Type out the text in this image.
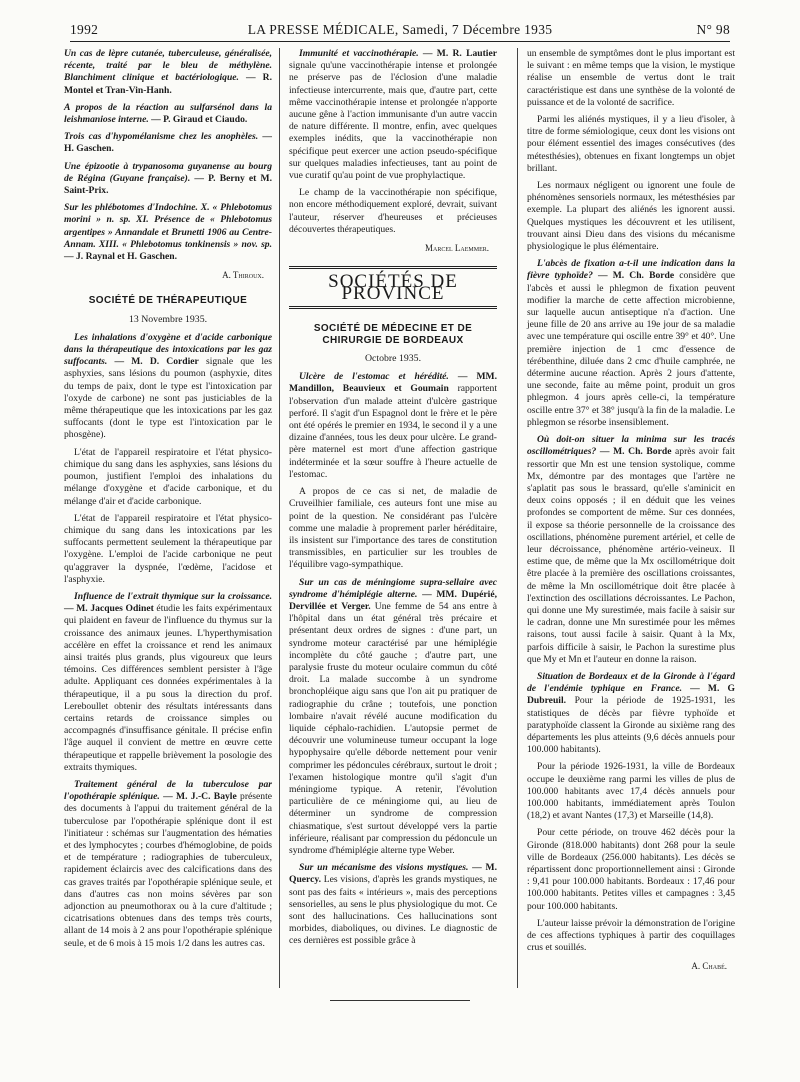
1992	LA PRESSE MÉDICALE, Samedi, 7 Décembre 1935	N° 98

Un cas de lèpre cutanée, tuberculeuse, généralisée, récente, traité par le bleu de méthylène. Blanchiment clinique et bactériologique. — R. Montel et Tran-Vin-Hanh.

A propos de la réaction au sulfarsénol dans la leishmaniose interne. — P. Giraud et Ciaudo.

Trois cas d'hypomélanisme chez les anophèles. — H. Gaschen.

Une épizootie à trypanosoma guyanense au bourg de Régina (Guyane française). — P. Berny et M. Saint-Prix.

Sur les phlébotomes d'Indochine. X. « Phlebotomus morini » n. sp. XI. Présence de « Phlebotomus argentipes » Annandale et Brunetti 1906 au Centre-Annam. XIII. « Phlebotomus tonkinensis » nov. sp. — J. Raynal et H. Gaschen.

A. Thiroux.

SOCIÉTÉ DE THÉRAPEUTIQUE
13 Novembre 1935.

Les inhalations d'oxygène et d'acide carbonique dans la thérapeutique des intoxications par les gaz suffocants. — M. D. Cordier signale que les asphyxies, sans lésions du poumon (asphyxie, dites du temps de paix, dont le type est l'intoxication par l'oxyde de carbone) ne sont pas justiciables de la même thérapeutique que les intoxications par les gaz suffocants (dont le type est l'intoxication par le phosgène).

L'état de l'appareil respiratoire et l'état physico-chimique du sang dans les asphyxies, sans lésions du poumon, justifient l'emploi des inhalations du mélange d'oxygène et d'acide carbonique, et du mélange d'air et d'acide carbonique.

L'état de l'appareil respiratoire et l'état physico-chimique du sang dans les intoxications par les suffocants permettent seulement la thérapeutique par l'oxygène. L'emploi de l'acide carbonique ne peut qu'aggraver la dyspnée, l'œdème, l'acidose et l'asphyxie.

Influence de l'extrait thymique sur la croissance. — M. Jacques Odinet étudie les faits expérimentaux qui plaident en faveur de l'influence du thymus sur la croissance des animaux jeunes. L'hyperthymisation accélère en effet la croissance et rend les animaux ainsi traités plus grands, plus vigoureux que leurs témoins. Ces différences semblent persister à l'âge adulte. Appliquant ces données expérimentales à la thérapeutique, il a pu sous la direction du prof. Lereboullet obtenir des résultats intéressants dans certains retards de croissance simples ou accompagnés d'insuffisance génitale. Il précise enfin l'âge auquel il convient de mettre en œuvre cette thérapeutique et rappelle brièvement la posologie des extraits thymiques.

Traitement général de la tuberculose par l'opothérapie splénique. — M. J.-C. Bayle présente des documents à l'appui du traitement général de la tuberculose par l'opothérapie splénique dont il est l'initiateur : schémas sur l'augmentation des hématies et des lymphocytes ; courbes d'hémoglobine, de poids et de température ; radiographies de tuberculeux, rapidement éclaircis avec des calcifications dans des cas graves traités par l'opothérapie splénique seule, et dans d'autres cas non moins sévères par son adjonction au pneumothorax ou à la cure d'altitude ; cicatrisations obtenues dans des temps très courts, allant de 14 mois à 2 ans pour l'opothérapie splénique seule, et de 6 mois à 15 mois 1/2 dans les autres cas.

Immunité et vaccinothérapie. — M. R. Lautier signale qu'une vaccinothérapie intense et prolongée ne préserve pas de l'éclosion d'une maladie infectieuse intercurrente, mais que, d'autre part, cette même vaccinothérapie intense et prolongée n'apporte aucune gêne à l'action immunisante d'un autre vaccin de nature différente. Il montre, enfin, avec quelques exemples inédits, que la vaccinothérapie non spécifique peut exercer une action pseudo-spécifique sur quelques maladies infectieuses, tant au point de vue curatif qu'au point de vue prophylactique.

Le champ de la vaccinothérapie non spécifique, non encore méthodiquement exploré, devrait, suivant l'auteur, réserver d'heureuses et précieuses découvertes thérapeutiques.

Marcel Laemmer.

SOCIÉTÉS DE PROVINCE
SOCIÉTÉ DE MÉDECINE ET DE CHIRURGIE DE BORDEAUX
Octobre 1935.

Ulcère de l'estomac et hérédité. — MM. Mandillon, Beauvieux et Goumain rapportent l'observation d'un malade atteint d'ulcère gastrique perforé. Il s'agit d'un Espagnol dont le frère et le père ont été opérés le premier en 1934, le second il y a une dizaine d'années, tous les deux pour ulcère. Le grand-père maternel est mort d'une affection gastrique indéterminée et la sœur souffre à l'heure actuelle de l'estomac.

A propos de ce cas si net, de maladie de Cruveilhier familiale, ces auteurs font une mise au point de la question. Ne considérant pas l'ulcère comme une maladie à proprement parler héréditaire, ils insistent sur l'importance des tares de constitution transmissibles, en particulier sur les troubles de l'équilibre vago-sympathique.

Sur un cas de méningiome supra-sellaire avec syndrome d'hémiplégie alterne. — MM. Dupérié, Dervillée et Verger. Une femme de 54 ans entre à l'hôpital dans un état général très précaire et présentant deux ordres de signes : d'une part, un syndrome moteur caractérisé par une hémiplégie incomplète du côté gauche ; d'autre part, une paralysie fruste du moteur oculaire commun du côté droit. La malade succombe à un syndrome bronchopléique aigu sans que l'on ait pu pratiquer de radiographie du crâne ; toutefois, une ponction lombaire n'avait révélé aucune modification du liquide céphalo-rachidien. L'autopsie permet de découvrir une volumineuse tumeur occupant la loge hypophysaire qu'elle déborde nettement pour venir comprimer les pédoncules cérébraux, surtout le droit ; l'examen histologique montre qu'il s'agit d'un méningiome typique. A retenir, l'évolution particulière de ce méningiome qui, au lieu de déterminer un syndrome de compression chiasmatique, s'est surtout développé vers la partie inférieure, réalisant par compression du pédoncule un syndrome d'hémiplégie alterne type Weber.

Sur un mécanisme des visions mystiques. — M. Quercy. Les visions, d'après les grands mystiques, ne sont pas des faits « intérieurs », mais des perceptions sensorielles, au sens le plus physiologique du mot. Ce sont des hallucinations. Ces hallucinations sont morbides, diaboliques, ou divines. Le diagnostic de ces dernières est possible grâce à

un ensemble de symptômes dont le plus important est le suivant : en même temps que la vision, le mystique réalise un ensemble de vertus dont le trait caractéristique est dans une synthèse de la volonté de puissance et de la volonté de sacrifice.

Parmi les aliénés mystiques, il y a lieu d'isoler, à titre de forme sémiologique, ceux dont les visions ont pour élément essentiel des images consécutives (des métesthésies), obtenues en fixant longtemps un objet brillant.

Les normaux négligent ou ignorent une foule de phénomènes sensoriels normaux, les métesthésies par exemple. La plupart des aliénés les ignorent aussi. Quelques mystiques les découvrent et les utilisent, trouvant ainsi Dieu dans des visions du mécanisme physiologique le plus élémentaire.

L'abcès de fixation a-t-il une indication dans la fièvre typhoïde? — M. Ch. Borde considère que l'abcès et aussi le phlegmon de fixation peuvent modifier la marche de cette affection microbienne, sur laquelle aucun antiseptique n'a d'action. Une jeune fille de 20 ans arrive au 19e jour de sa maladie avec une température qui oscille entre 39° et 40°. Une première injection de 1 cmc d'essence de térébenthine, diluée dans 2 cmc d'huile camphrée, ne détermine aucune réaction. Après 2 jours d'attente, une seconde, faite au même point, produit un gros phlegmon. 4 jours après celle-ci, la température oscille entre 37° et 38° jusqu'à la fin de la maladie. Le phlegmon se résorbe insensiblement.

Où doit-on situer la minima sur les tracés oscillométriques? — M. Ch. Borde après avoir fait ressortir que Mn est une tension systolique, comme Mx, démontre par des montages que l'artère ne s'aplatit pas sous le brassard, qu'elle s'aminicit en deux coins opposés ; il en déduit que les veines profondes se comportent de même. Sur ces données, il expose sa théorie personnelle de la croissance des oscillations, phénomène purement artériel, et celle de leur décroissance, phénomène artério-veineux. Il estime que, de même que la Mx oscillométrique doit être placée à la première des oscillations croissantes, de même la Mn oscillométrique doit être placée à l'extinction des oscillations décroissantes. Le Pachon, qui donne une My surestimée, mais facile à saisir sur le cadran, donne une Mn surestimée pour les mêmes raisons, tout aussi facile à saisir. Quant à la Mx, parfois difficile à saisir, le Pachon la surestime plus que My et Mn et l'auteur en donne la raison.

Situation de Bordeaux et de la Gironde à l'égard de l'endémie typhique en France. — M. G Dubreuil. Pour la période de 1925-1931, les statistiques de décès par fièvre typhoïde et paratyphoïde classent la Gironde au sixième rang des départements les plus atteints (9,6 décès annuels pour 100.000 habitants).

Pour la période 1926-1931, la ville de Bordeaux occupe le deuxième rang parmi les villes de plus de 100.000 habitants avec 17,4 décès annuels pour 100.000 habitants, immédiatement après Toulon (18,2) et avant Nantes (17,3) et Marseille (14,8).

Pour cette période, on trouve 462 décès pour la Gironde (818.000 habitants) dont 268 pour la seule ville de Bordeaux (256.000 habitants). Les décès se répartissent donc proportionnellement ainsi : Gironde : 9,41 pour 100.000 habitants. Bordeaux : 17,46 pour 100.000 habitants. Petites villes et campagnes : 3,45 pour 100.000 habitants.

L'auteur laisse prévoir la démonstration de l'origine de ces affections typhiques à partir des coquillages crus et souillés.

A. Chabé.
